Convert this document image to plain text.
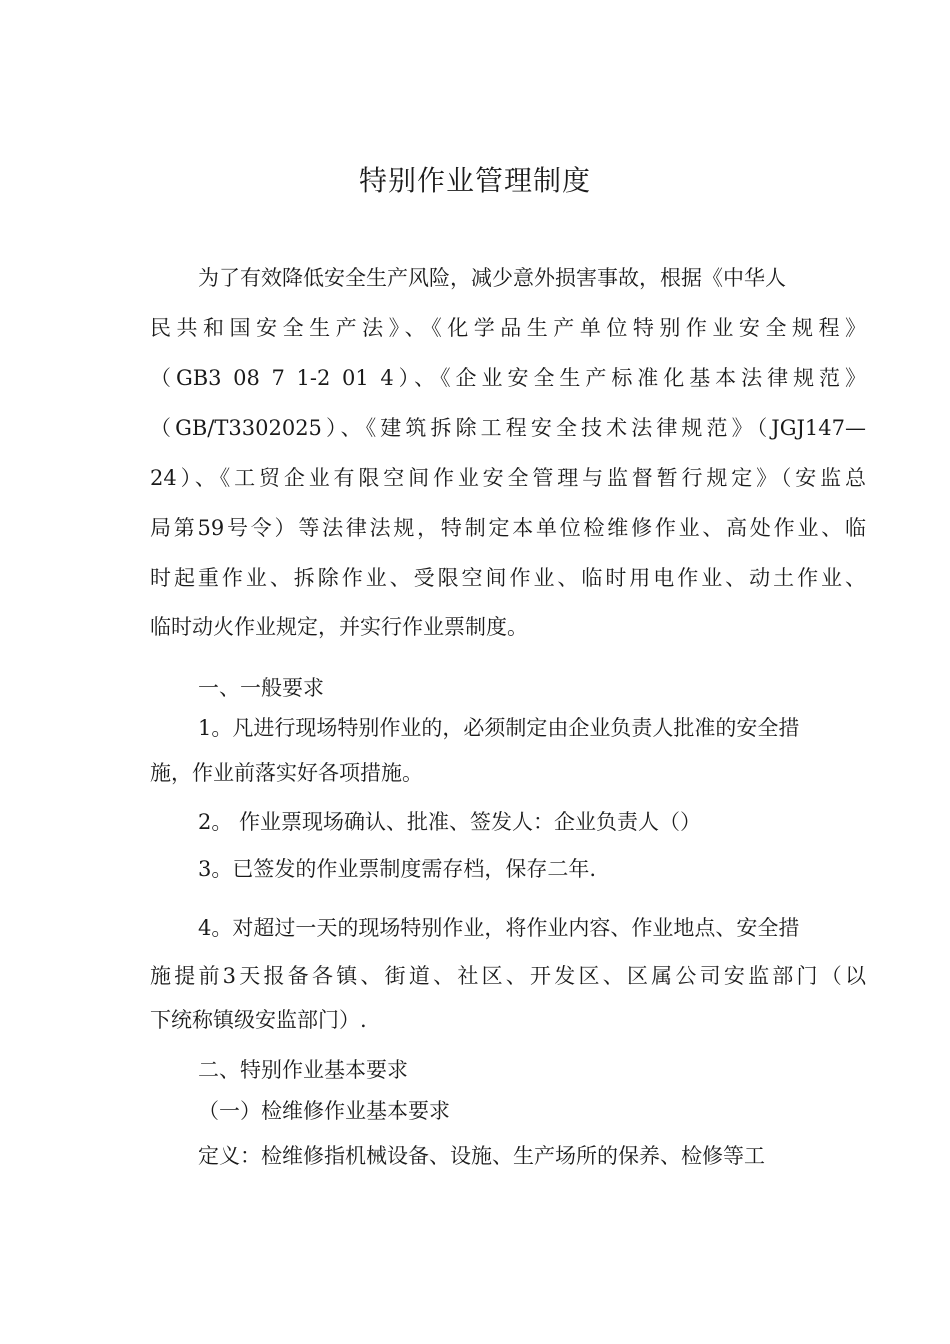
特别作业管理制度
为了有效降低安全生产风险，减少意外损害事故，根据《中华人
民共和国安全生产法》、《化学品生产单位特别作业安全规程》
（GB3 08 7 1-2 01 4）、《企业安全生产标准化基本法律规范》
（GB/T3302025）、《建筑拆除工程安全技术法律规范》（JGJ147—
24）、《工贸企业有限空间作业安全管理与监督暂行规定》（安监总
局第59号令）等法律法规，特制定本单位检维修作业、高处作业、临
时起重作业、拆除作业、受限空间作业、临时用电作业、动土作业、
临时动火作业规定，并实行作业票制度。
一、一般要求
1。凡进行现场特别作业的，必须制定由企业负责人批准的安全措
施，作业前落实好各项措施。
2。 作业票现场确认、批准、签发人：企业负责人（）
3。已签发的作业票制度需存档，保存二年.
4。对超过一天的现场特别作业，将作业内容、作业地点、安全措
施提前3天报备各镇、街道、社区、开发区、区属公司安监部门（以
下统称镇级安监部门）.
二、特别作业基本要求
（一）检维修作业基本要求
定义：检维修指机械设备、设施、生产场所的保养、检修等工
